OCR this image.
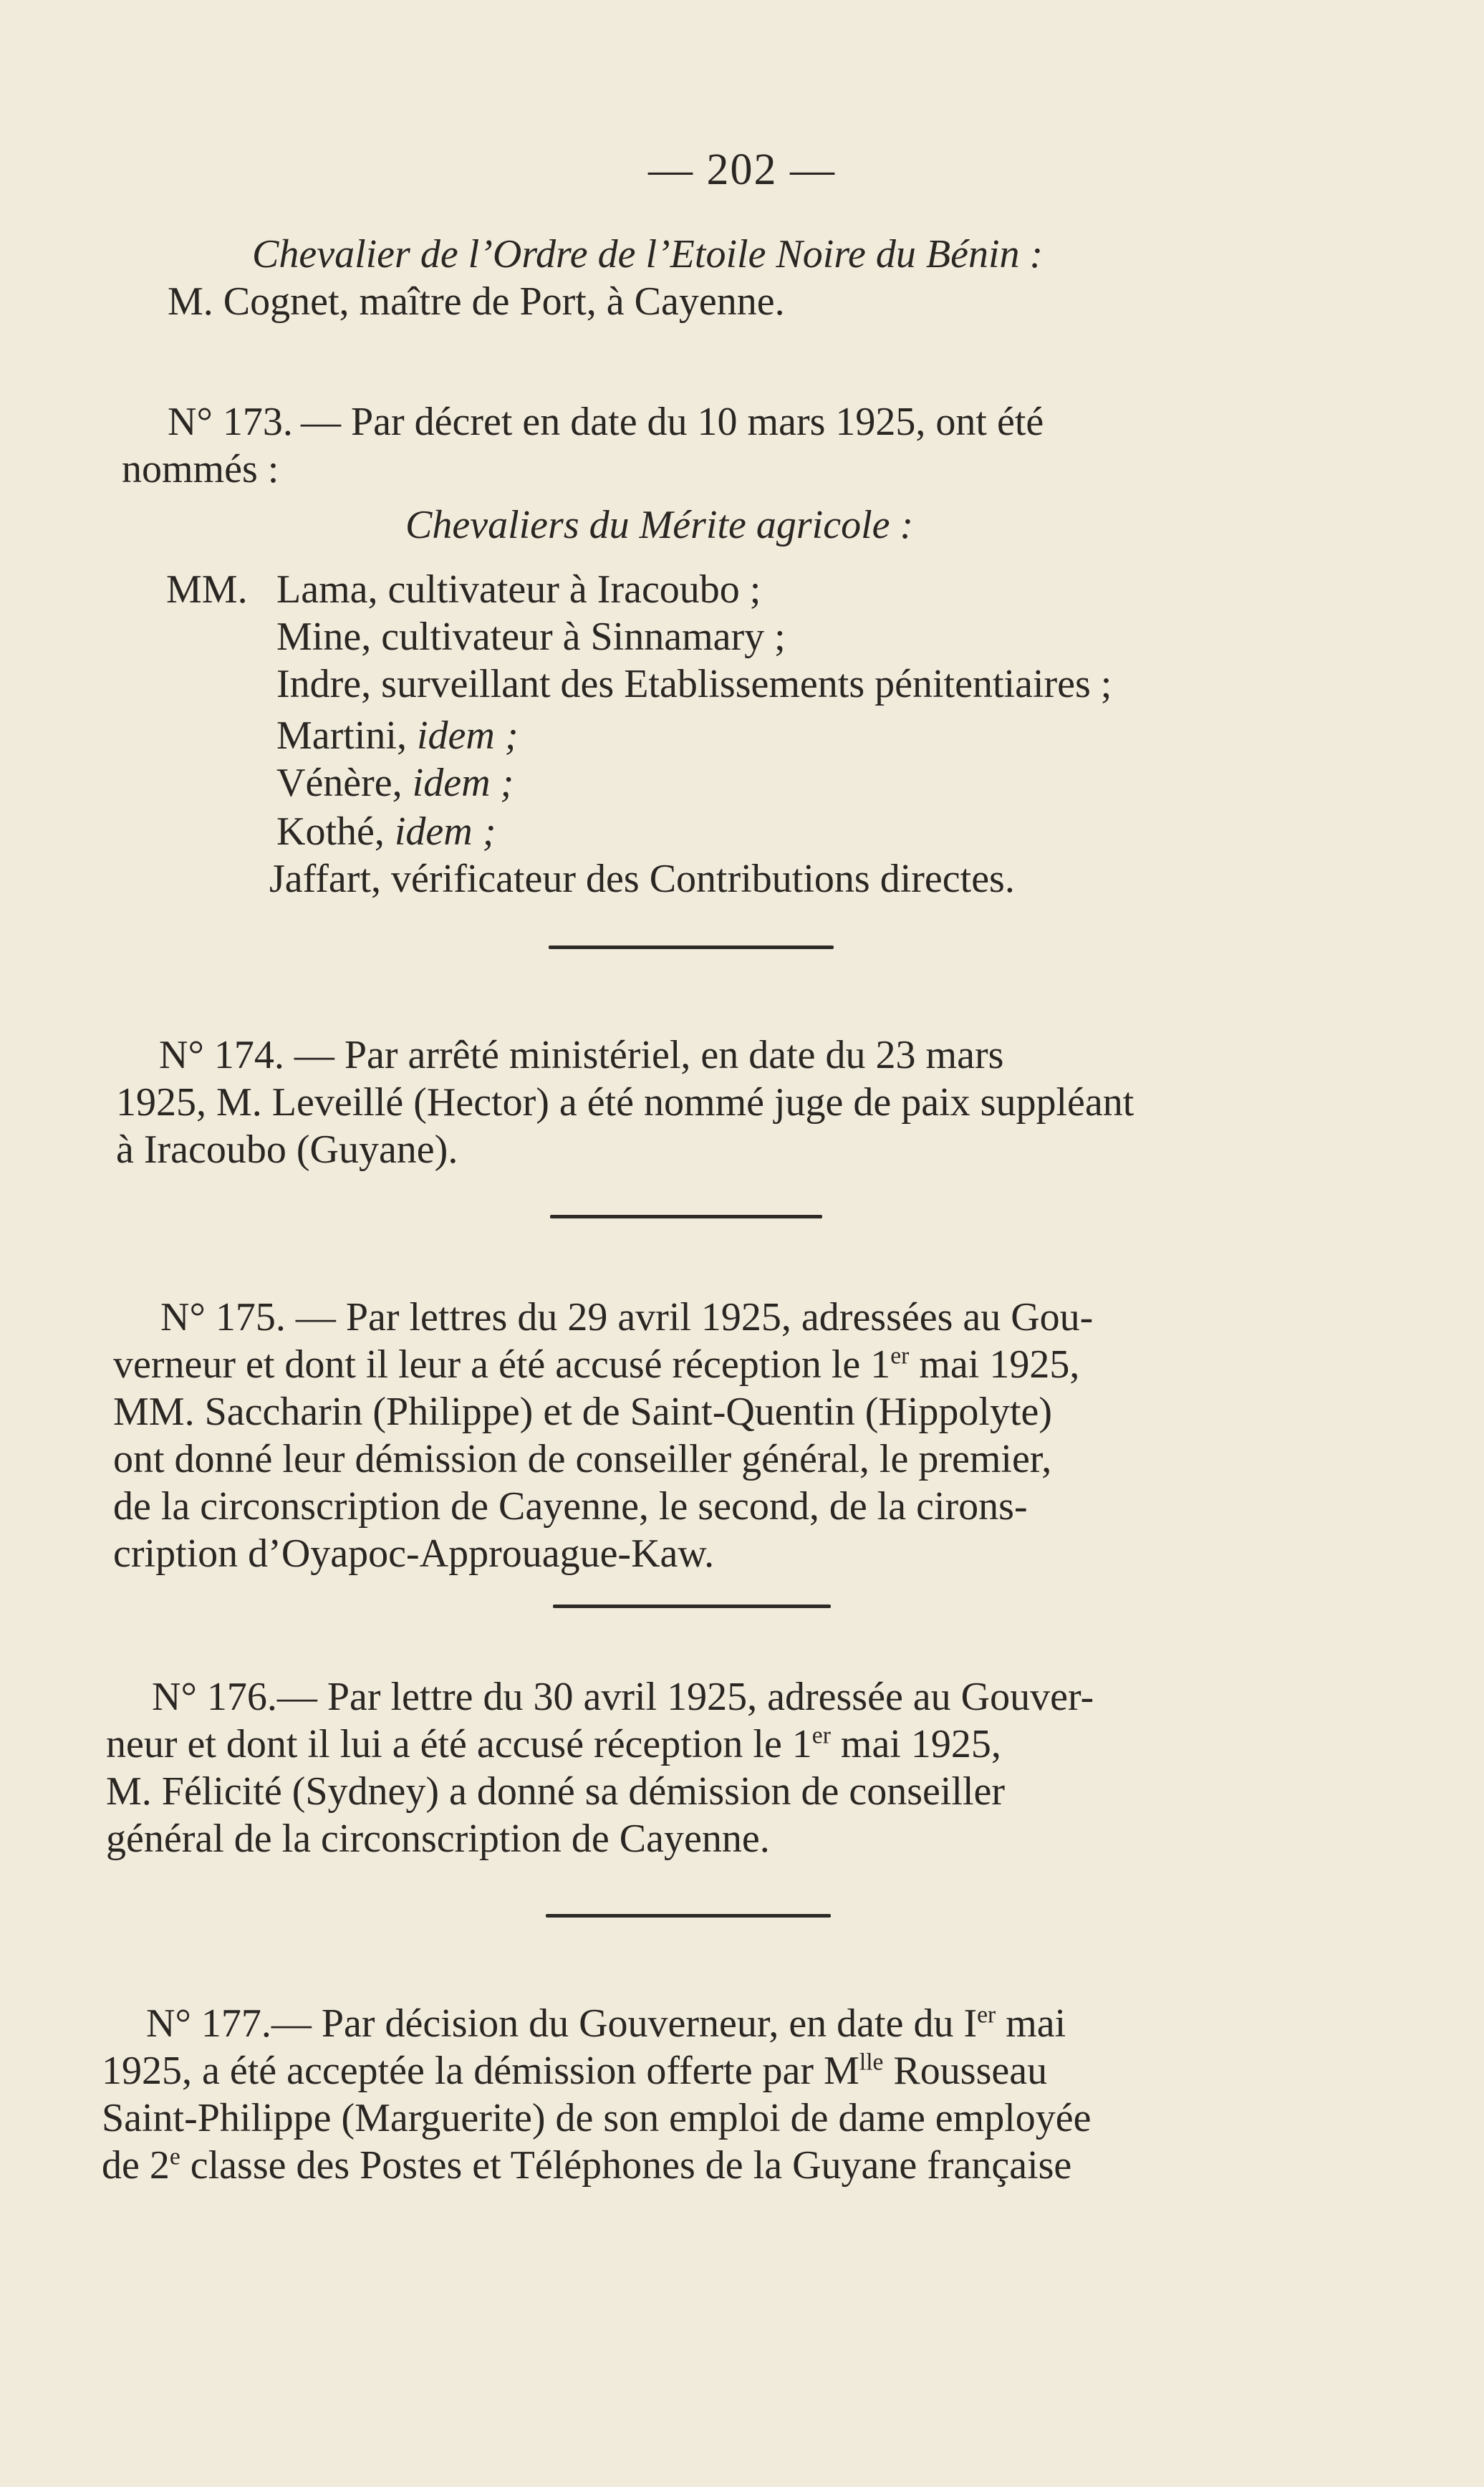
— 202 —
Chevalier de l’Ordre de l’Etoile Noire du Bénin :
M. Cognet, maître de Port, à Cayenne.
N° 173. — Par décret en date du 10 mars 1925, ont été
nommés :
Chevaliers du Mérite agricole :
MM. Lama, cultivateur à Iracoubo ;
Mine, cultivateur à Sinnamary ;
Indre, surveillant des Etablissements pénitentiaires ;
Martini, idem ;
Vénère, idem ;
Kothé, idem ;
Jaffart, vérificateur des Contributions directes.
N° 174. — Par arrêté ministériel, en date du 23 mars
1925, M. Leveillé (Hector) a été nommé juge de paix suppléant
à Iracoubo (Guyane).
N° 175. — Par lettres du 29 avril 1925, adressées au Gou-
verneur et dont il leur a été accusé réception le 1er mai 1925,
MM. Saccharin (Philippe) et de Saint-Quentin (Hippolyte)
ont donné leur démission de conseiller général, le premier,
de la circonscription de Cayenne, le second, de la cirons-
cription d’Oyapoc-Approuague-Kaw.
N° 176.— Par lettre du 30 avril 1925, adressée au Gouver-
neur et dont il lui a été accusé réception le 1er mai 1925,
M. Félicité (Sydney) a donné sa démission de conseiller
général de la circonscription de Cayenne.
N° 177.— Par décision du Gouverneur, en date du Ier mai
1925, a été acceptée la démission offerte par $M^{lle}$ Rousseau
Saint-Philippe (Marguerite) de son emploi de dame employée
de 2e classe des Postes et Téléphones de la Guyane française
